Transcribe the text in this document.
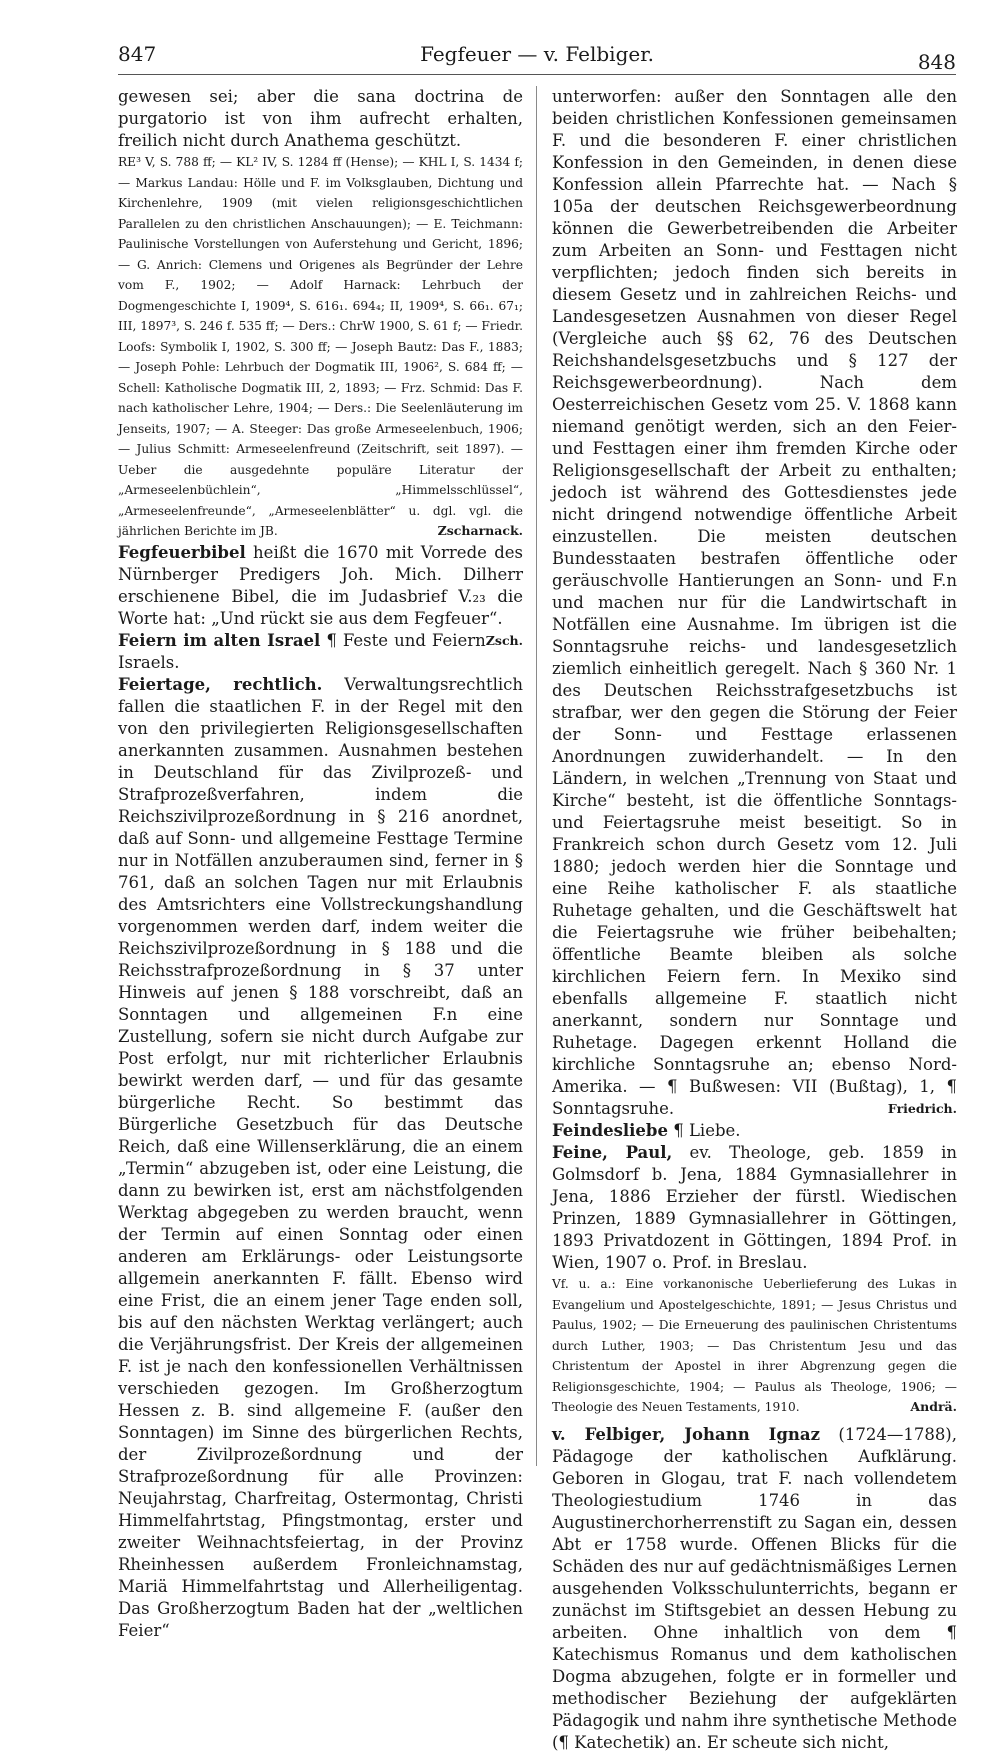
847	Fegfeuer — v. Felbiger.	848

gewesen sei; aber die sana doctrina de purgatorio ist von ihm aufrecht erhalten, freilich nicht durch Anathema geschützt.

RE³ V, S. 788 ff; — KL² IV, S. 1284 ff (Hense); — KHL I, S. 1434 f; — Markus Landau: Hölle und F. im Volksglauben, Dichtung und Kirchenlehre, 1909 (mit vielen religionsgeschichtlichen Parallelen zu den christlichen Anschauungen); — E. Teichmann: Paulinische Vorstellungen von Auferstehung und Gericht, 1896; — G. Anrich: Clemens und Origenes als Begründer der Lehre vom F., 1902; — Adolf Harnack: Lehrbuch der Dogmengeschichte I, 1909⁴, S. 616₁. 694₄; II, 1909⁴, S. 66₁. 67₁; III, 1897³, S. 246 f. 535 ff; — Ders.: ChrW 1900, S. 61 f; — Friedr. Loofs: Symbolik I, 1902, S. 300 ff; — Joseph Bautz: Das F., 1883; — Joseph Pohle: Lehrbuch der Dogmatik III, 1906², S. 684 ff; — Schell: Katholische Dogmatik III, 2, 1893; — Frz. Schmid: Das F. nach katholischer Lehre, 1904; — Ders.: Die Seelenläuterung im Jenseits, 1907; — A. Steeger: Das große Armeseelenbuch, 1906; — Julius Schmitt: Armeseelenfreund (Zeitschrift, seit 1897). — Ueber die ausgedehnte populäre Literatur der „Armeseelenbüchlein“, „Himmelsschlüssel“, „Armeseelenfreunde“, „Armeseelenblätter“ u. dgl. vgl. die jährlichen Berichte im JB.	Zscharnack.

Fegfeuerbibel heißt die 1670 mit Vorrede des Nürnberger Predigers Joh. Mich. Dilherr erschienene Bibel, die im Judasbrief V.₂₃ die Worte hat: „Und rückt sie aus dem Fegfeuer“.
Zsch.

Feiern im alten Israel ¶ Feste und Feiern Israels.

Feiertage, rechtlich. Verwaltungsrechtlich fallen die staatlichen F. in der Regel mit den von den privilegierten Religionsgesellschaften anerkannten zusammen. Ausnahmen bestehen in Deutschland für das Zivilprozeß- und Strafprozeßverfahren, indem die Reichszivilprozeßordnung in § 216 anordnet, daß auf Sonn- und allgemeine Festtage Termine nur in Notfällen anzuberaumen sind, ferner in § 761, daß an solchen Tagen nur mit Erlaubnis des Amtsrichters eine Vollstreckungshandlung vorgenommen werden darf, indem weiter die Reichszivilprozeßordnung in § 188 und die Reichsstrafprozeßordnung in § 37 unter Hinweis auf jenen § 188 vorschreibt, daß an Sonntagen und allgemeinen F.n eine Zustellung, sofern sie nicht durch Aufgabe zur Post erfolgt, nur mit richterlicher Erlaubnis bewirkt werden darf, — und für das gesamte bürgerliche Recht. So bestimmt das Bürgerliche Gesetzbuch für das Deutsche Reich, daß eine Willenserklärung, die an einem „Termin“ abzugeben ist, oder eine Leistung, die dann zu bewirken ist, erst am nächstfolgenden Werktag abgegeben zu werden braucht, wenn der Termin auf einen Sonntag oder einen anderen am Erklärungs- oder Leistungsorte allgemein anerkannten F. fällt. Ebenso wird eine Frist, die an einem jener Tage enden soll, bis auf den nächsten Werktag verlängert; auch die Verjährungsfrist. Der Kreis der allgemeinen F. ist je nach den konfessionellen Verhältnissen verschieden gezogen. Im Großherzogtum Hessen z. B. sind allgemeine F. (außer den Sonntagen) im Sinne des bürgerlichen Rechts, der Zivilprozeßordnung und der Strafprozeßordnung für alle Provinzen: Neujahrstag, Charfreitag, Ostermontag, Christi Himmelfahrtstag, Pfingstmontag, erster und zweiter Weihnachtsfeiertag, in der Provinz Rheinhessen außerdem Fronleichnamstag, Mariä Himmelfahrtstag und Allerheiligentag. Das Großherzogtum Baden hat der „weltlichen Feier“

unterworfen: außer den Sonntagen alle den beiden christlichen Konfessionen gemeinsamen F. und die besonderen F. einer christlichen Konfession in den Gemeinden, in denen diese Konfession allein Pfarrechte hat. — Nach § 105a der deutschen Reichsgewerbeordnung können die Gewerbetreibenden die Arbeiter zum Arbeiten an Sonn- und Festtagen nicht verpflichten; jedoch finden sich bereits in diesem Gesetz und in zahlreichen Reichs- und Landesgesetzen Ausnahmen von dieser Regel (Vergleiche auch §§ 62, 76 des Deutschen Reichshandelsgesetzbuchs und § 127 der Reichsgewerbeordnung). Nach dem Oesterreichischen Gesetz vom 25. V. 1868 kann niemand genötigt werden, sich an den Feier- und Festtagen einer ihm fremden Kirche oder Religionsgesellschaft der Arbeit zu enthalten; jedoch ist während des Gottesdienstes jede nicht dringend notwendige öffentliche Arbeit einzustellen. Die meisten deutschen Bundesstaaten bestrafen öffentliche oder geräuschvolle Hantierungen an Sonn- und F.n und machen nur für die Landwirtschaft in Notfällen eine Ausnahme. Im übrigen ist die Sonntagsruhe reichs- und landesgesetzlich ziemlich einheitlich geregelt. Nach § 360 Nr. 1 des Deutschen Reichsstrafgesetzbuchs ist strafbar, wer den gegen die Störung der Feier der Sonn- und Festtage erlassenen Anordnungen zuwiderhandelt. — In den Ländern, in welchen „Trennung von Staat und Kirche“ besteht, ist die öffentliche Sonntags- und Feiertagsruhe meist beseitigt. So in Frankreich schon durch Gesetz vom 12. Juli 1880; jedoch werden hier die Sonntage und eine Reihe katholischer F. als staatliche Ruhetage gehalten, und die Geschäftswelt hat die Feiertagsruhe wie früher beibehalten; öffentliche Beamte bleiben als solche kirchlichen Feiern fern. In Mexiko sind ebenfalls allgemeine F. staatlich nicht anerkannt, sondern nur Sonntage und Ruhetage. Dagegen erkennt Holland die kirchliche Sonntagsruhe an; ebenso Nord-Amerika. — ¶ Bußwesen: VII (Bußtag), 1, ¶ Sonntagsruhe.	Friedrich.

Feindesliebe ¶ Liebe.

Feine, Paul, ev. Theologe, geb. 1859 in Golmsdorf b. Jena, 1884 Gymnasiallehrer in Jena, 1886 Erzieher der fürstl. Wiedischen Prinzen, 1889 Gymnasiallehrer in Göttingen, 1893 Privatdozent in Göttingen, 1894 Prof. in Wien, 1907 o. Prof. in Breslau.

Vf. u. a.: Eine vorkanonische Ueberlieferung des Lukas in Evangelium und Apostelgeschichte, 1891; — Jesus Christus und Paulus, 1902; — Die Erneuerung des paulinischen Christentums durch Luther, 1903; — Das Christentum Jesu und das Christentum der Apostel in ihrer Abgrenzung gegen die Religionsgeschichte, 1904; — Paulus als Theologe, 1906; — Theologie des Neuen Testaments, 1910.	Andrä.

v. Felbiger, Johann Ignaz (1724—1788), Pädagoge der katholischen Aufklärung. Geboren in Glogau, trat F. nach vollendetem Theologiestudium 1746 in das Augustinerchorherrenstift zu Sagan ein, dessen Abt er 1758 wurde. Offenen Blicks für die Schäden des nur auf gedächtnismäßiges Lernen ausgehenden Volksschulunterrichts, begann er zunächst im Stiftsgebiet an dessen Hebung zu arbeiten. Ohne inhaltlich von dem ¶ Katechismus Romanus und dem katholischen Dogma abzugehen, folgte er in formeller und methodischer Beziehung der aufgeklärten Pädagogik und nahm ihre synthetische Methode (¶ Katechetik) an. Er scheute sich nicht,
